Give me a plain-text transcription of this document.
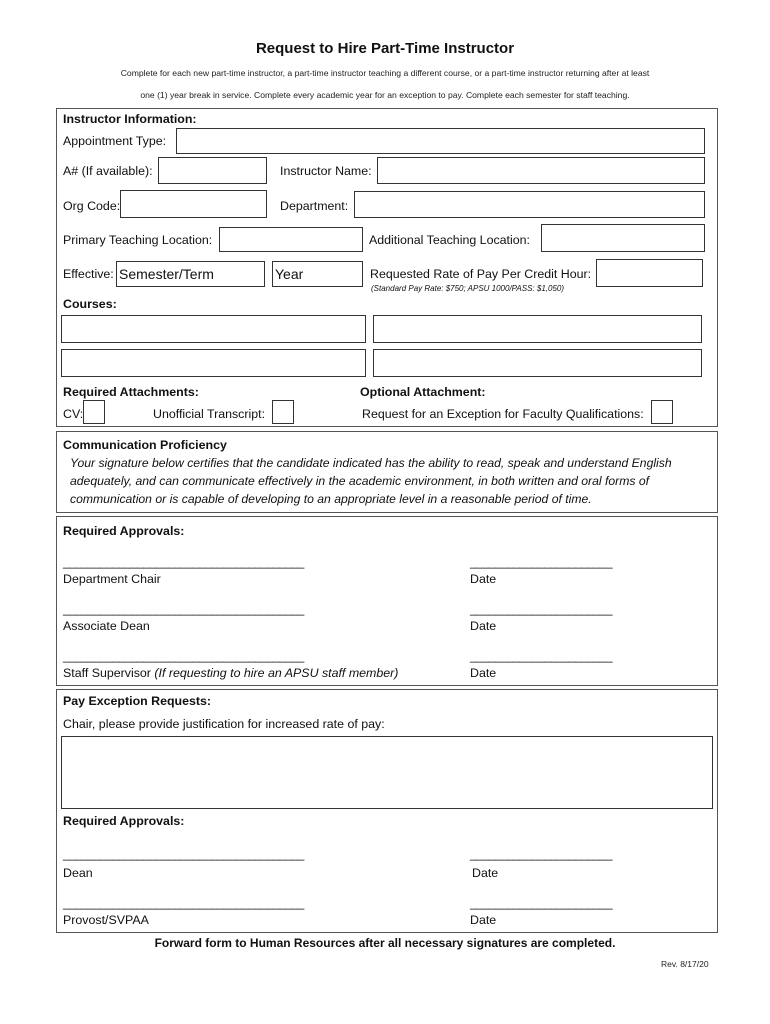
Request to Hire Part-Time Instructor
Complete for each new part-time instructor, a part-time instructor teaching a different course, or a part-time instructor returning after at least
one (1) year break in service. Complete every academic year for an exception to pay. Complete each semester for staff teaching.
Instructor Information:
Appointment Type:
A# (If available):	Instructor Name:
Org Code:	Department:
Primary Teaching Location:	Additional Teaching Location:
Effective: Semester/Term	Year	Requested Rate of Pay Per Credit Hour:
(Standard Pay Rate: $750; APSU 1000/PASS: $1,050)
Courses:
Required Attachments:	Optional Attachment:
CV:	Unofficial Transcript:	Request for an Exception for Faculty Qualifications:
Communication Proficiency
Your signature below certifies that the candidate indicated has the ability to read, speak and understand English
adequately, and can communicate effectively in the academic environment, in both written and oral forms of
communication or is capable of developing to an appropriate level in a reasonable period of time.
Required Approvals:
_______________________________________	_______________________
Department Chair	Date
_______________________________________	_______________________
Associate Dean	Date
_______________________________________	_______________________
Staff Supervisor (If requesting to hire an APSU staff member)	Date
Pay Exception Requests:
Chair, please provide justification for increased rate of pay:
Required Approvals:
_______________________________________	_______________________
Dean	Date
_______________________________________	_______________________
Provost/SVPAA	Date
Forward form to Human Resources after all necessary signatures are completed.
Rev. 8/17/20
